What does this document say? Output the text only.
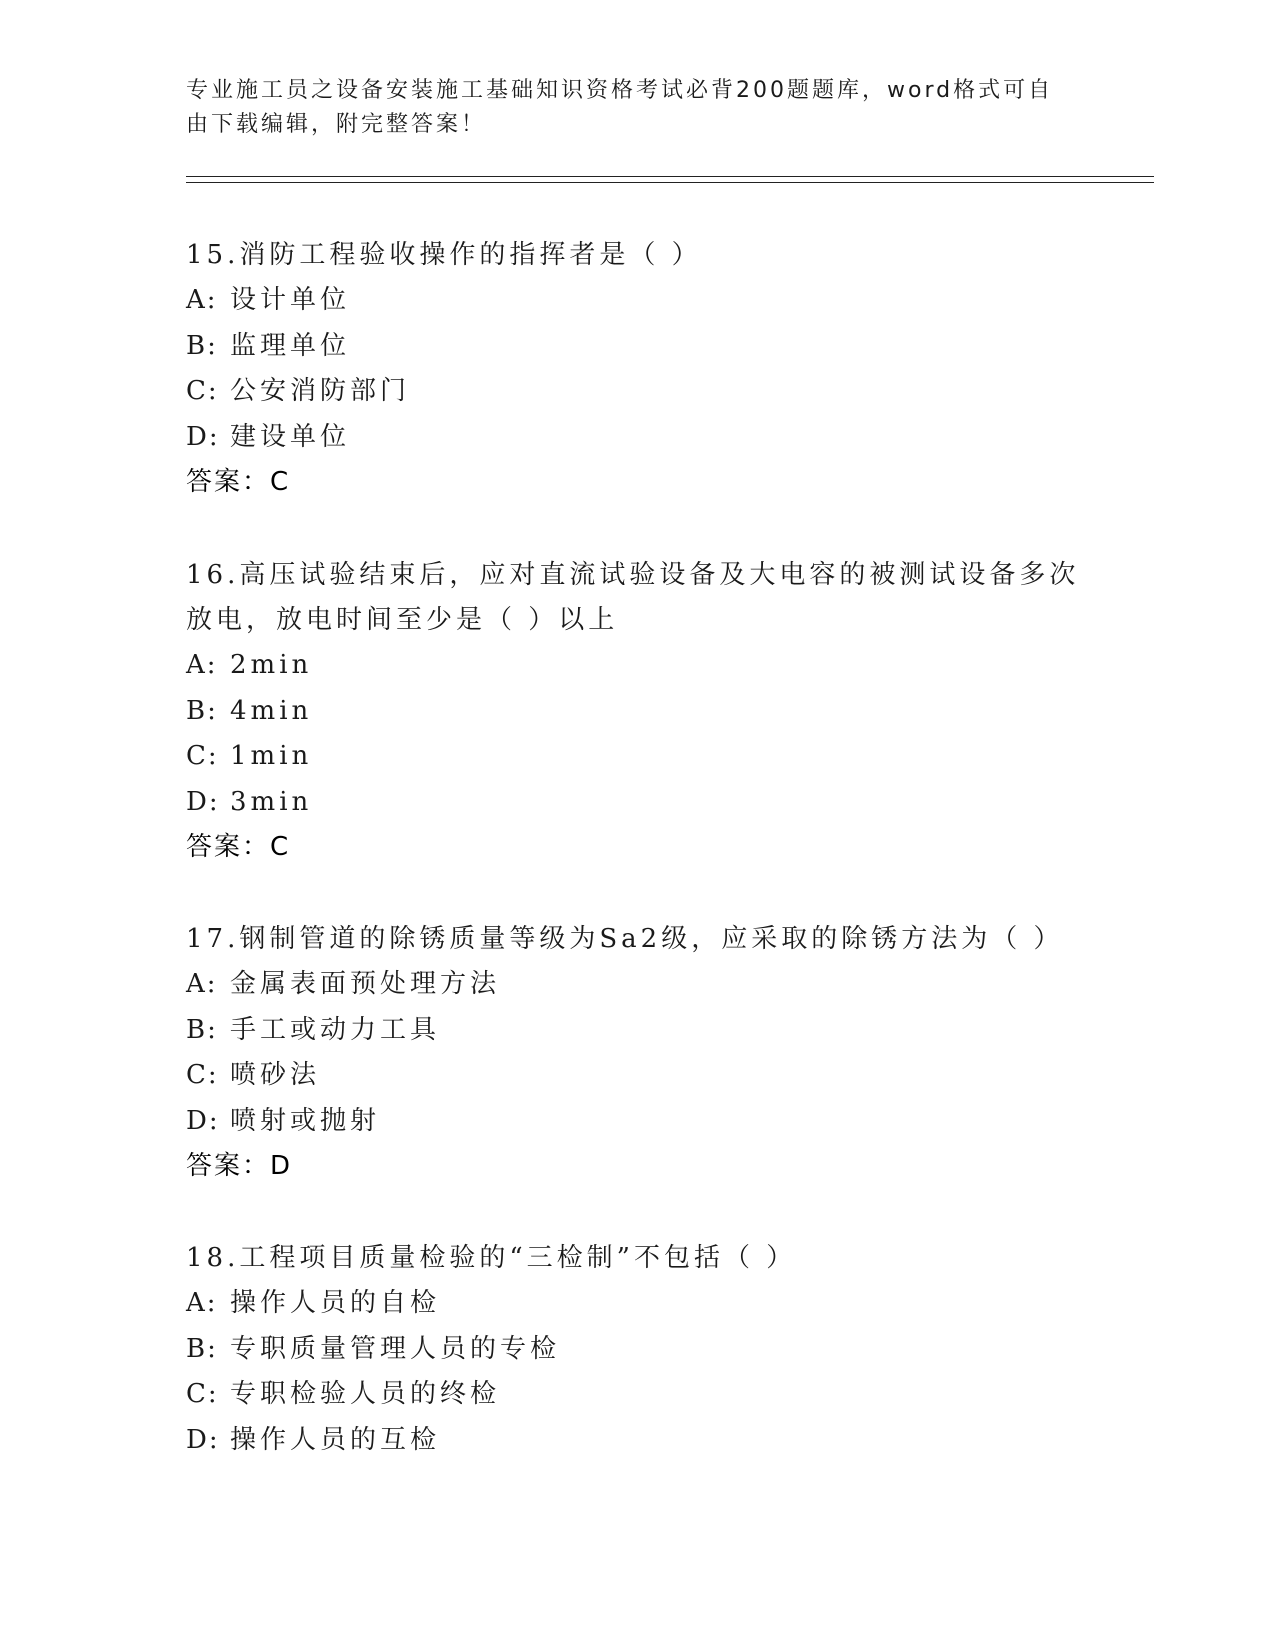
专业施工员之设备安装施工基础知识资格考试必背200题题库，word格式可自由下载编辑，附完整答案！

15.消防工程验收操作的指挥者是（ ）

A: 设计单位

B: 监理单位

C: 公安消防部门

D: 建设单位

答案：C

16.高压试验结束后，应对直流试验设备及大电容的被测试设备多次放电，放电时间至少是（ ）以上

A: 2min

B: 4min

C: 1min

D: 3min

答案：C

17.钢制管道的除锈质量等级为Sa2级，应采取的除锈方法为（ ）

A: 金属表面预处理方法

B: 手工或动力工具

C: 喷砂法

D: 喷射或抛射

答案：D

18.工程项目质量检验的“三检制”不包括（ ）

A: 操作人员的自检

B: 专职质量管理人员的专检

C: 专职检验人员的终检

D: 操作人员的互检
